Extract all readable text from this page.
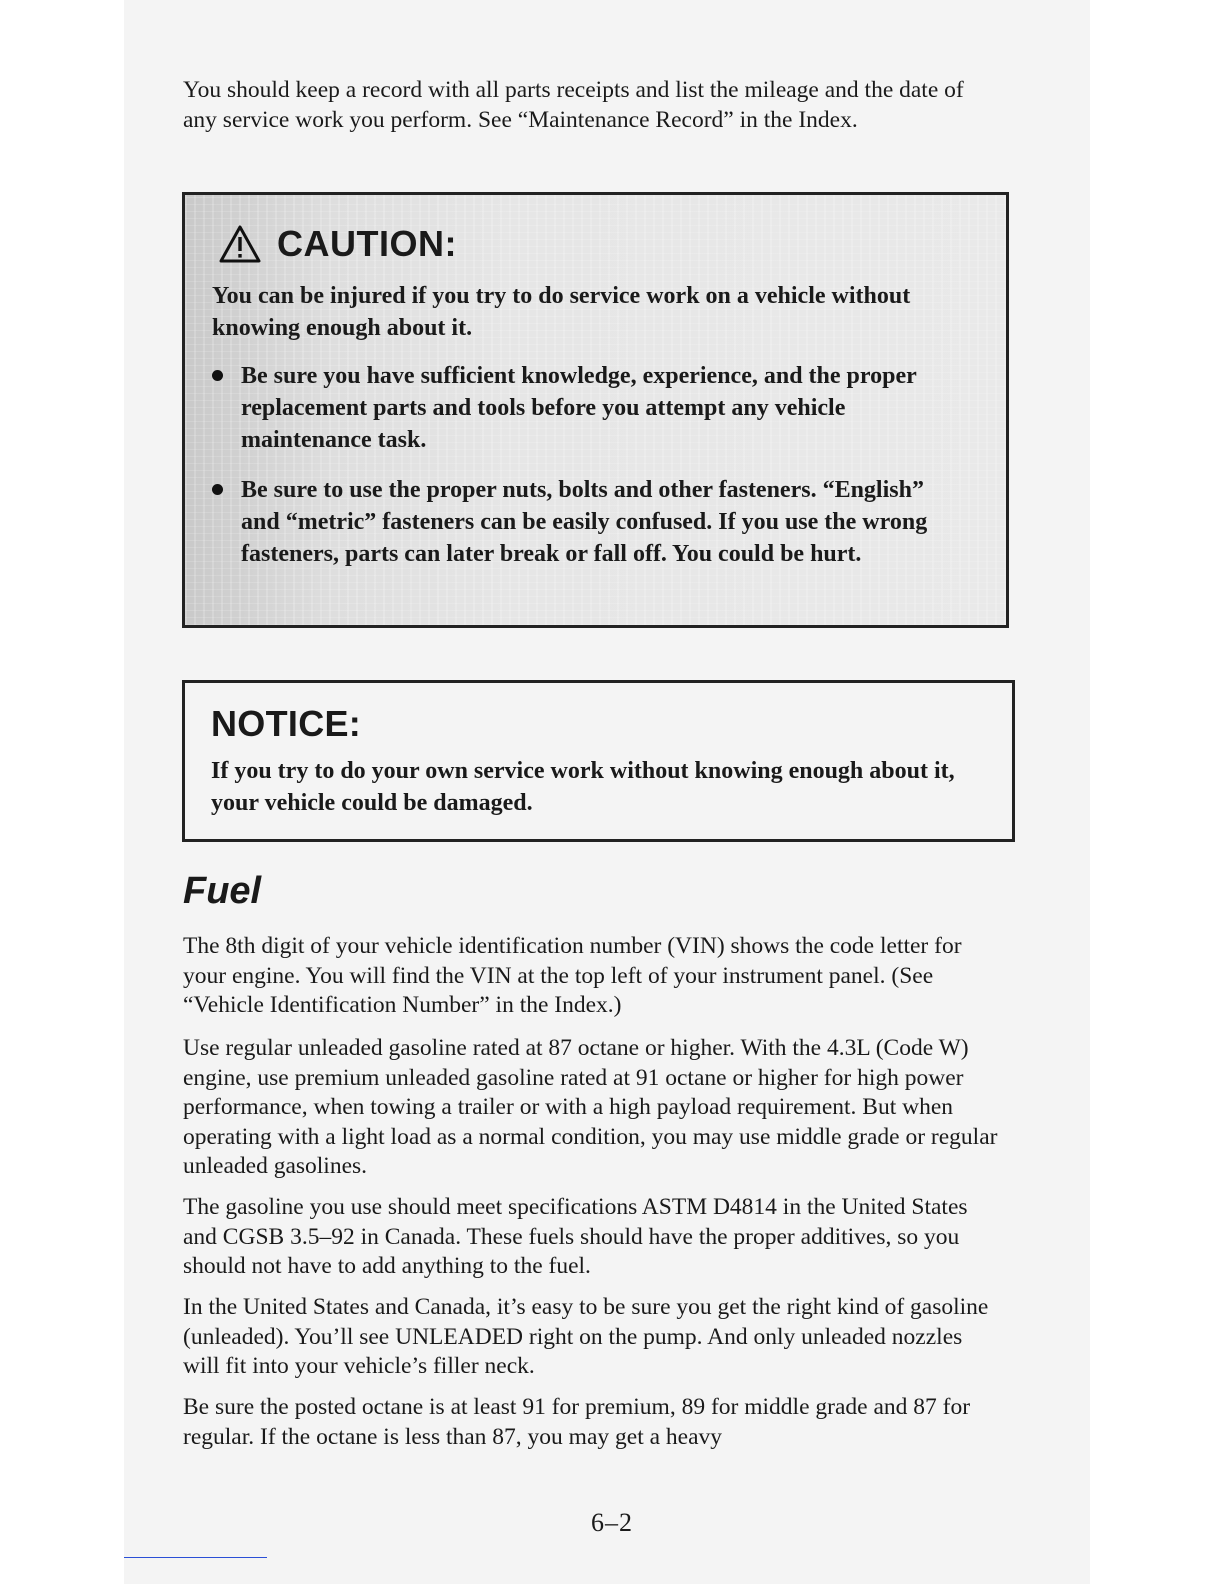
You should keep a record with all parts receipts and list the mileage and the date of any service work you perform. See “Maintenance Record” in the Index.

CAUTION:

You can be injured if you try to do service work on a vehicle without knowing enough about it.

Be sure you have sufficient knowledge, experience, and the proper replacement parts and tools before you attempt any vehicle maintenance task.

Be sure to use the proper nuts, bolts and other fasteners. “English” and “metric” fasteners can be easily confused. If you use the wrong fasteners, parts can later break or fall off. You could be hurt.

NOTICE:

If you try to do your own service work without knowing enough about it, your vehicle could be damaged.

Fuel

The 8th digit of your vehicle identification number (VIN) shows the code letter for your engine. You will find the VIN at the top left of your instrument panel. (See “Vehicle Identification Number” in the Index.)

Use regular unleaded gasoline rated at 87 octane or higher. With the 4.3L (Code W) engine, use premium unleaded gasoline rated at 91 octane or higher for high power performance, when towing a trailer or with a high payload requirement. But when operating with a light load as a normal condition, you may use middle grade or regular unleaded gasolines.

The gasoline you use should meet specifications ASTM D4814 in the United States and CGSB 3.5–92 in Canada. These fuels should have the proper additives, so you should not have to add anything to the fuel.

In the United States and Canada, it’s easy to be sure you get the right kind of gasoline (unleaded). You’ll see UNLEADED right on the pump. And only unleaded nozzles will fit into your vehicle’s filler neck.

Be sure the posted octane is at least 91 for premium, 89 for middle grade and 87 for regular. If the octane is less than 87, you may get a heavy

6–2
